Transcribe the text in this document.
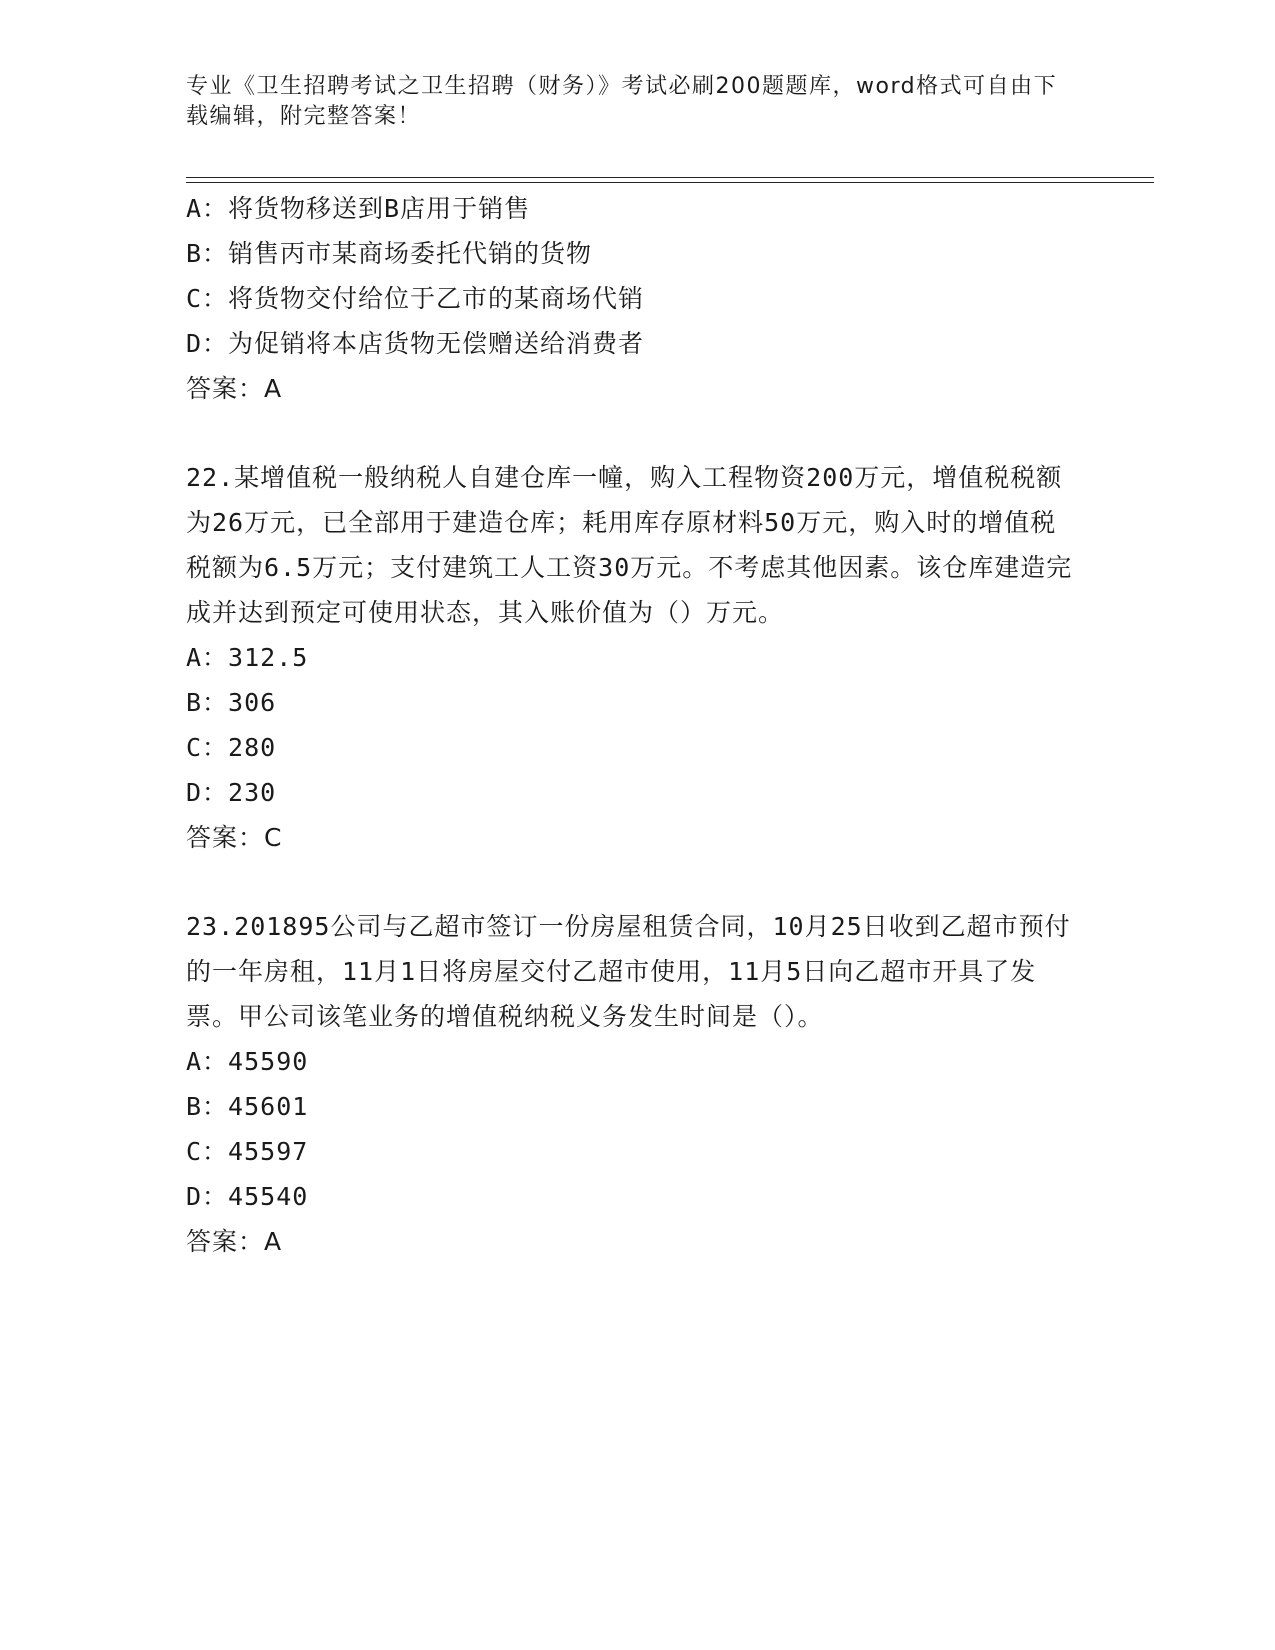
专业《卫生招聘考试之卫生招聘（财务）》考试必刷200题题库，word格式可自由下载编辑，附完整答案！
A：将货物移送到B店用于销售
B：销售丙市某商场委托代销的货物
C：将货物交付给位于乙市的某商场代销
D：为促销将本店货物无偿赠送给消费者
答案：A
22.某增值税一般纳税人自建仓库一幢，购入工程物资200万元，增值税税额为26万元，已全部用于建造仓库；耗用库存原材料50万元，购入时的增值税税额为6.5万元；支付建筑工人工资30万元。不考虑其他因素。该仓库建造完成并达到预定可使用状态，其入账价值为（）万元。
A：312.5
B：306
C：280
D：230
答案：C
23.201895公司与乙超市签订一份房屋租赁合同，10月25日收到乙超市预付的一年房租，11月1日将房屋交付乙超市使用，11月5日向乙超市开具了发票。甲公司该笔业务的增值税纳税义务发生时间是（）。
A：45590
B：45601
C：45597
D：45540
答案：A
